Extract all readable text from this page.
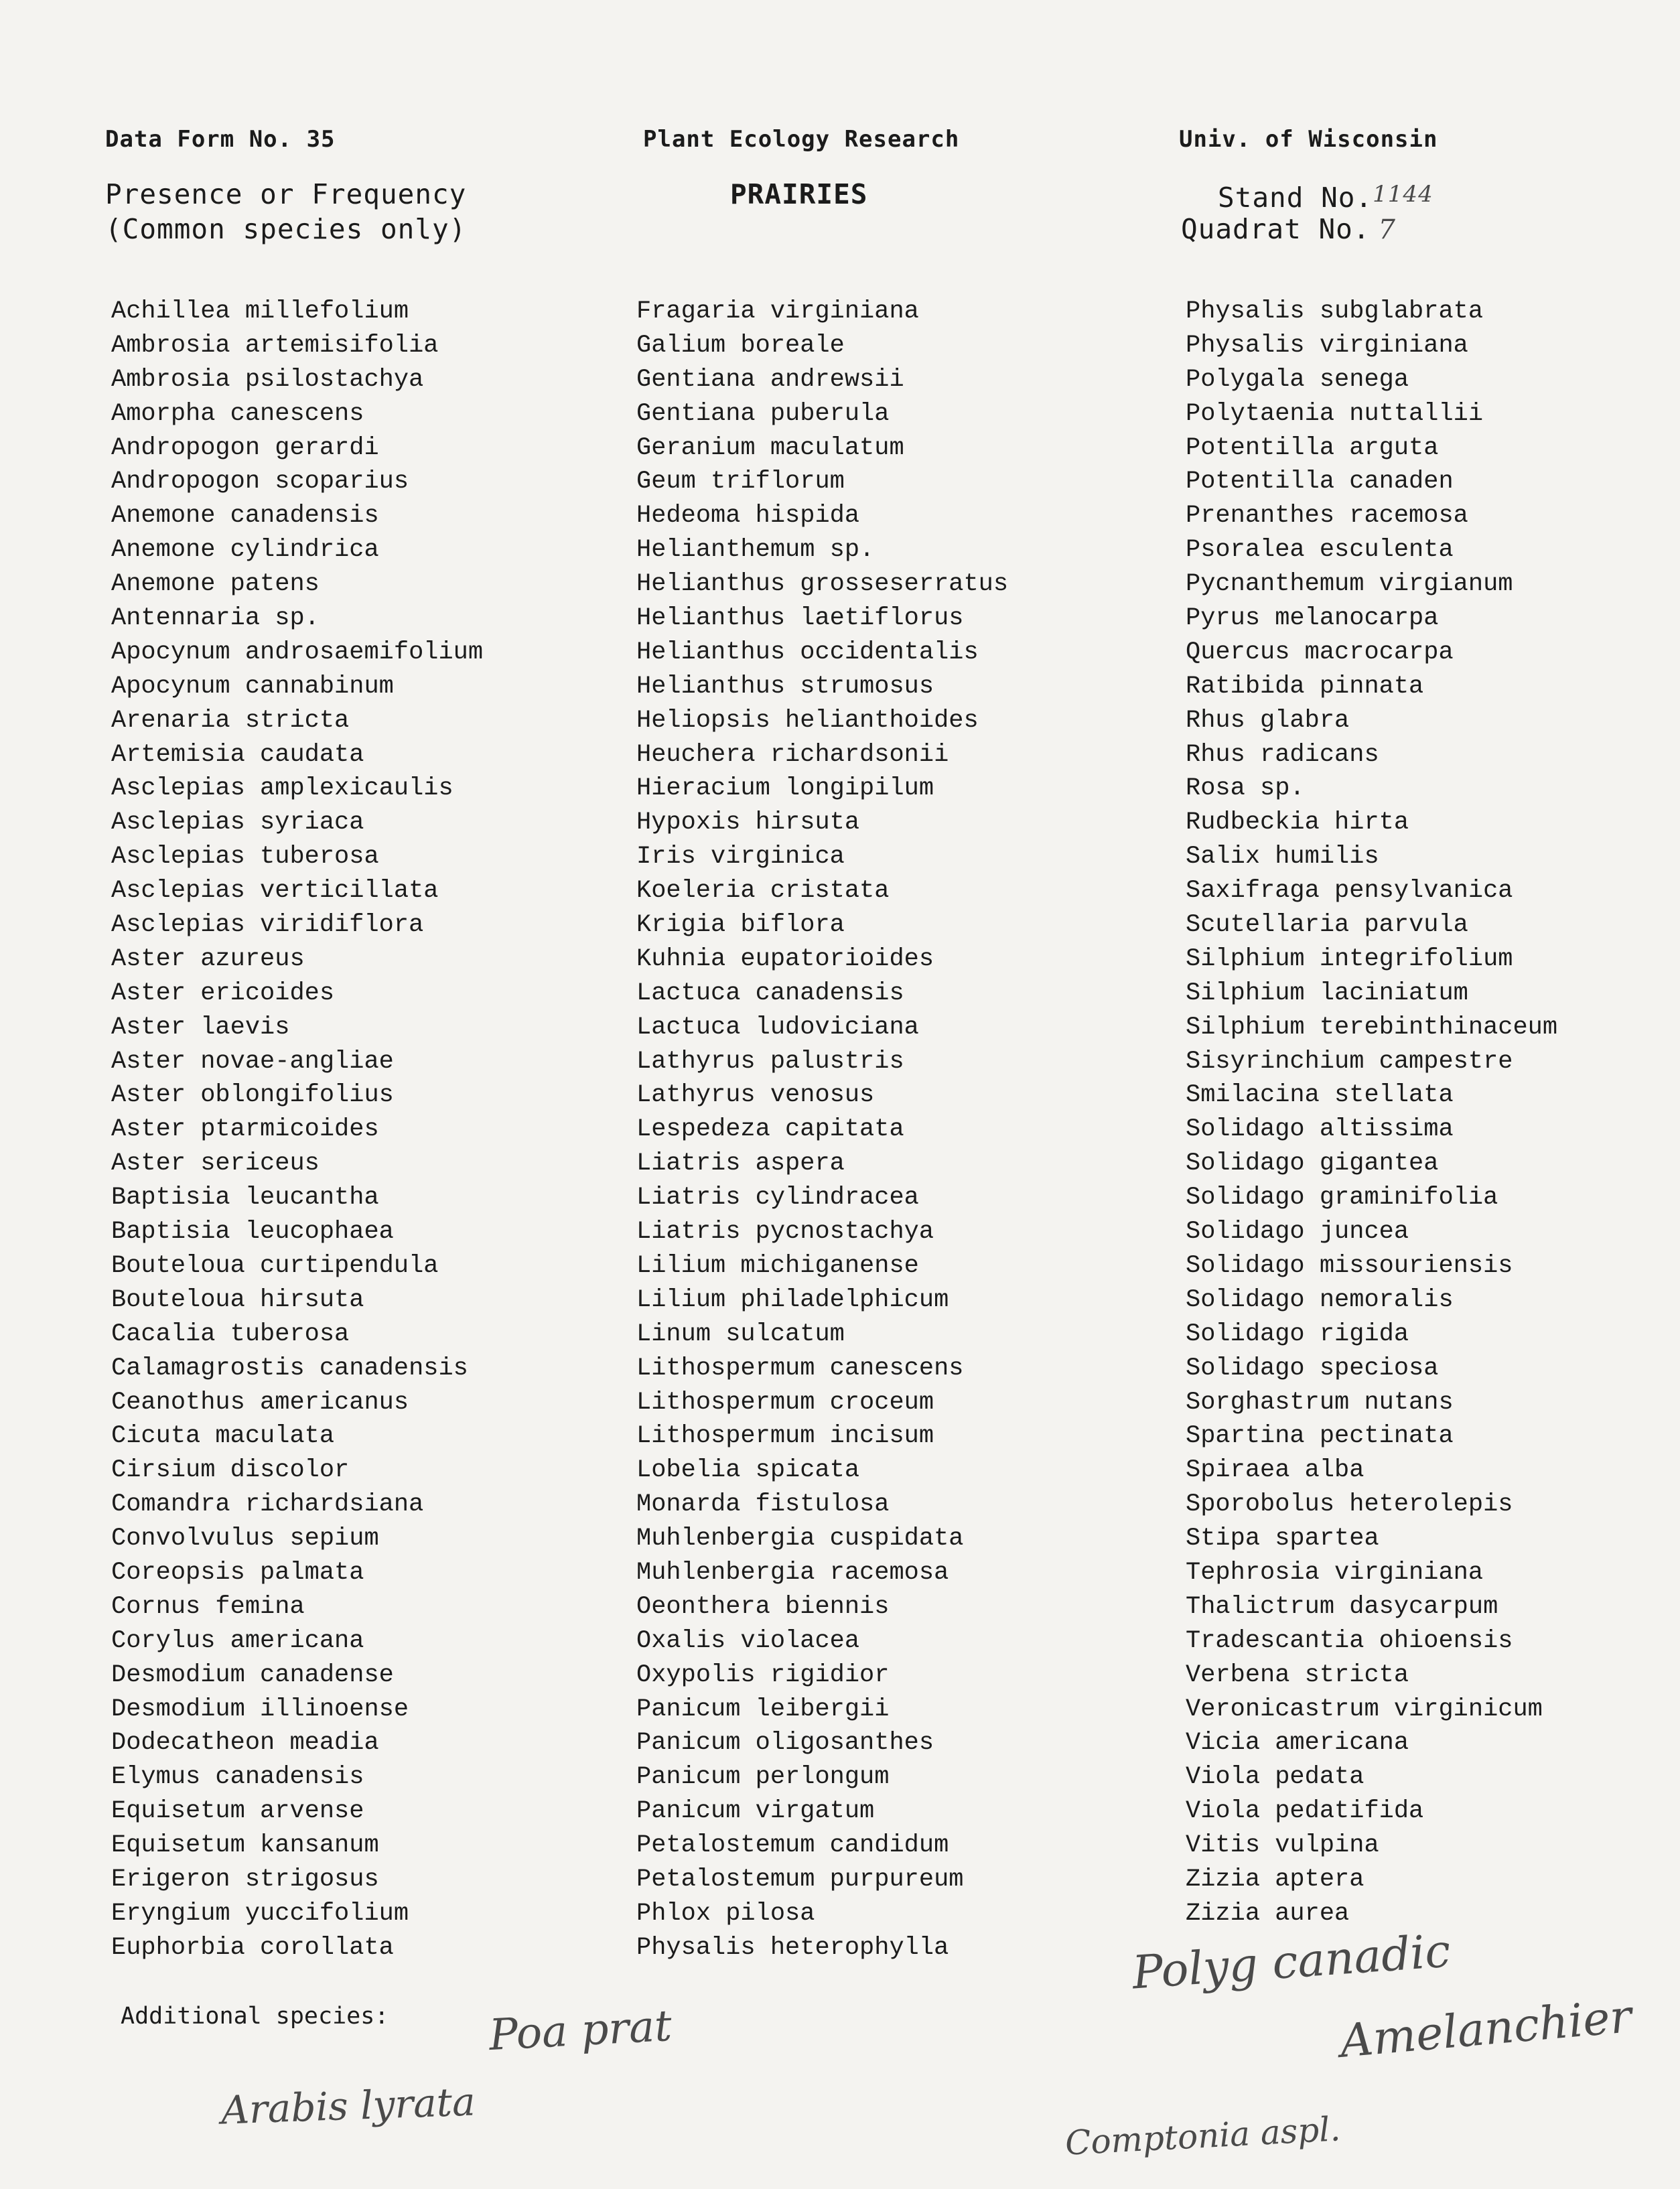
Data Form No. 35	Plant Ecology Research	Univ. of Wisconsin
Presence or Frequency
(Common species only)
PRAIRIES	Stand No.1144
Quadrat No. 7
Achillea millefolium
Ambrosia artemisifolia
Ambrosia psilostachya
Amorpha canescens
Andropogon gerardi
Andropogon scoparius
Anemone canadensis
Anemone cylindrica
Anemone patens
Antennaria sp.
Apocynum androsaemifolium
Apocynum cannabinum
Arenaria stricta
Artemisia caudata
Asclepias amplexicaulis
Asclepias syriaca
Asclepias tuberosa
Asclepias verticillata
Asclepias viridiflora
Aster azureus
Aster ericoides
Aster laevis
Aster novae-angliae
Aster oblongifolius
Aster ptarmicoides
Aster sericeus
Baptisia leucantha
Baptisia leucophaea
Bouteloua curtipendula
Bouteloua hirsuta
Cacalia tuberosa
Calamagrostis canadensis
Ceanothus americanus
Cicuta maculata
Cirsium discolor
Comandra richardsiana
Convolvulus sepium
Coreopsis palmata
Cornus femina
Corylus americana
Desmodium canadense
Desmodium illinoense
Dodecatheon meadia
Elymus canadensis
Equisetum arvense
Equisetum kansanum
Erigeron strigosus
Eryngium yuccifolium
Euphorbia corollata
Fragaria virginiana
Galium boreale
Gentiana andrewsii
Gentiana puberula
Geranium maculatum
Geum triflorum
Hedeoma hispida
Helianthemum sp.
Helianthus grosseserratus
Helianthus laetiflorus
Helianthus occidentalis
Helianthus strumosus
Heliopsis helianthoides
Heuchera richardsonii
Hieracium longipilum
Hypoxis hirsuta
Iris virginica
Koeleria cristata
Krigia biflora
Kuhnia eupatorioides
Lactuca canadensis
Lactuca ludoviciana
Lathyrus palustris
Lathyrus venosus
Lespedeza capitata
Liatris aspera
Liatris cylindracea
Liatris pycnostachya
Lilium michiganense
Lilium philadelphicum
Linum sulcatum
Lithospermum canescens
Lithospermum croceum
Lithospermum incisum
Lobelia spicata
Monarda fistulosa
Muhlenbergia cuspidata
Muhlenbergia racemosa
Oeonthera biennis
Oxalis violacea
Oxypolis rigidior
Panicum leibergii
Panicum oligosanthes
Panicum perlongum
Panicum virgatum
Petalostemum candidum
Petalostemum purpureum
Phlox pilosa
Physalis heterophylla
Physalis subglabrata
Physalis virginiana
Polygala senega
Polytaenia nuttallii
Potentilla arguta
Potentilla canaden
Prenanthes racemosa
Psoralea esculenta
Pycnanthemum virgianum
Pyrus melanocarpa
Quercus macrocarpa
Ratibida pinnata
Rhus glabra
Rhus radicans
Rosa sp.
Rudbeckia hirta
Salix humilis
Saxifraga pensylvanica
Scutellaria parvula
Silphium integrifolium
Silphium laciniatum
Silphium terebinthinaceum
Sisyrinchium campestre
Smilacina stellata
Solidago altissima
Solidago gigantea
Solidago graminifolia
Solidago juncea
Solidago missouriensis
Solidago nemoralis
Solidago rigida
Solidago speciosa
Sorghastrum nutans
Spartina pectinata
Spiraea alba
Sporobolus heterolepis
Stipa spartea
Tephrosia virginiana
Thalictrum dasycarpum
Tradescantia ohioensis
Verbena stricta
Veronicastrum virginicum
Vicia americana
Viola pedata
Viola pedatifida
Vitis vulpina
Zizia aptera
Zizia aurea
Additional species: Poa prat
Arabis lyrata
Comptonia aspl.
Polyg canadic
Amelanchier
